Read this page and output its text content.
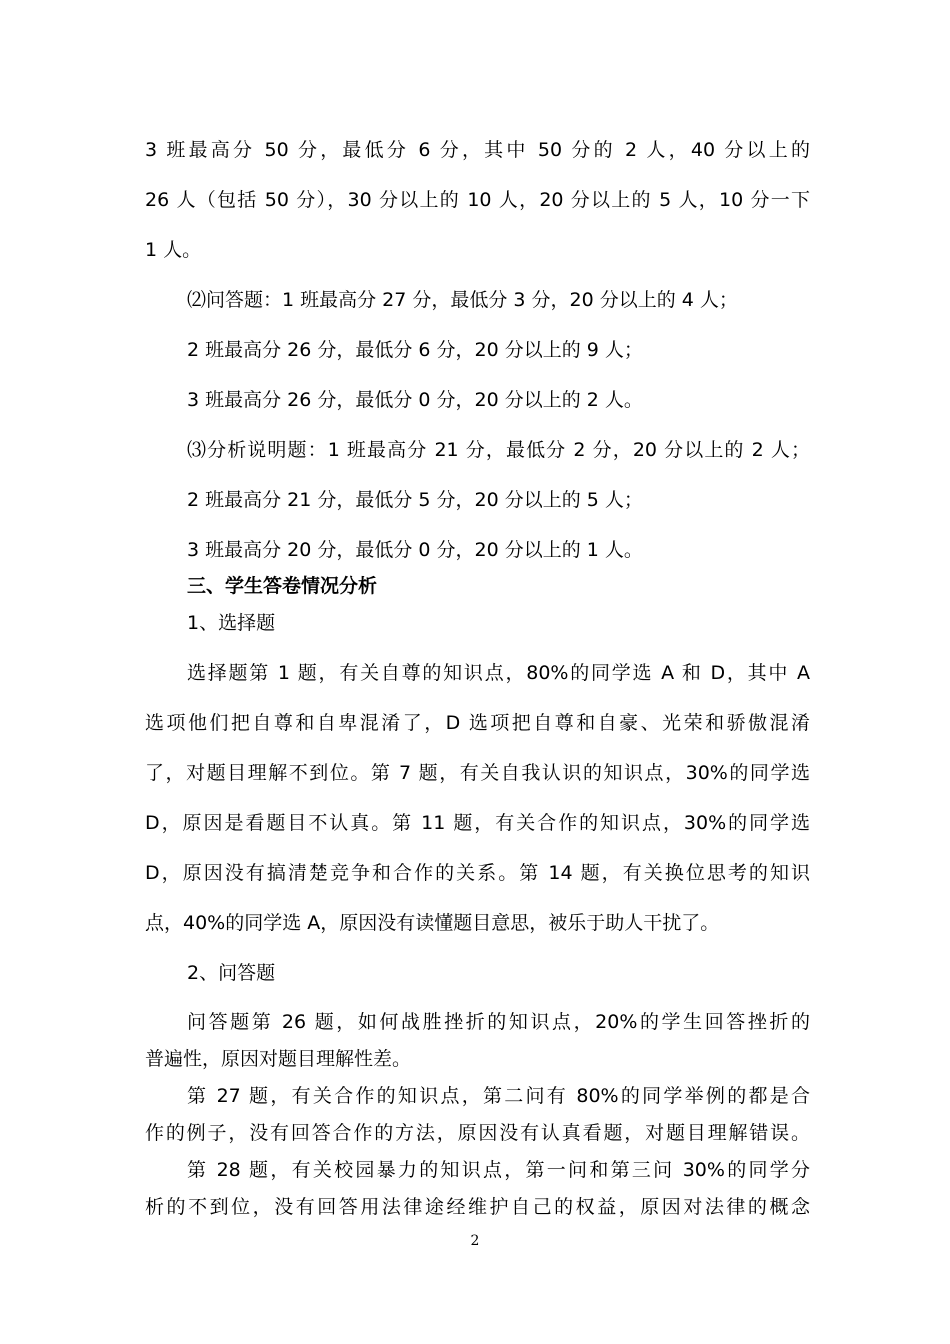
3 班最高分 50 分，最低分 6 分，其中 50 分的 2 人，40 分以上的
26 人（包括 50 分），30 分以上的 10 人，20 分以上的 5 人，10 分一下
1 人。
⑵问答题：1 班最高分 27 分，最低分 3 分，20 分以上的 4 人；
2 班最高分 26 分，最低分 6 分，20 分以上的 9 人；
3 班最高分 26 分，最低分 0 分，20 分以上的 2 人。
⑶分析说明题：1 班最高分 21 分，最低分 2 分，20 分以上的 2 人；
2 班最高分 21 分，最低分 5 分，20 分以上的 5 人；
3 班最高分 20 分，最低分 0 分，20 分以上的 1 人。
三、学生答卷情况分析
1、选择题
选择题第 1 题，有关自尊的知识点，80%的同学选 A 和 D，其中 A
选项他们把自尊和自卑混淆了，D 选项把自尊和自豪、光荣和骄傲混淆
了，对题目理解不到位。第 7 题，有关自我认识的知识点，30%的同学选
D，原因是看题目不认真。第 11 题，有关合作的知识点，30%的同学选
D，原因没有搞清楚竞争和合作的关系。第 14 题，有关换位思考的知识
点，40%的同学选 A，原因没有读懂题目意思，被乐于助人干扰了。
2、问答题
问答题第 26 题，如何战胜挫折的知识点，20%的学生回答挫折的
普遍性，原因对题目理解性差。
第 27 题，有关合作的知识点，第二问有 80%的同学举例的都是合
作的例子，没有回答合作的方法，原因没有认真看题，对题目理解错误。
第 28 题，有关校园暴力的知识点，第一问和第三问 30%的同学分
析的不到位，没有回答用法律途经维护自己的权益，原因对法律的概念
2
